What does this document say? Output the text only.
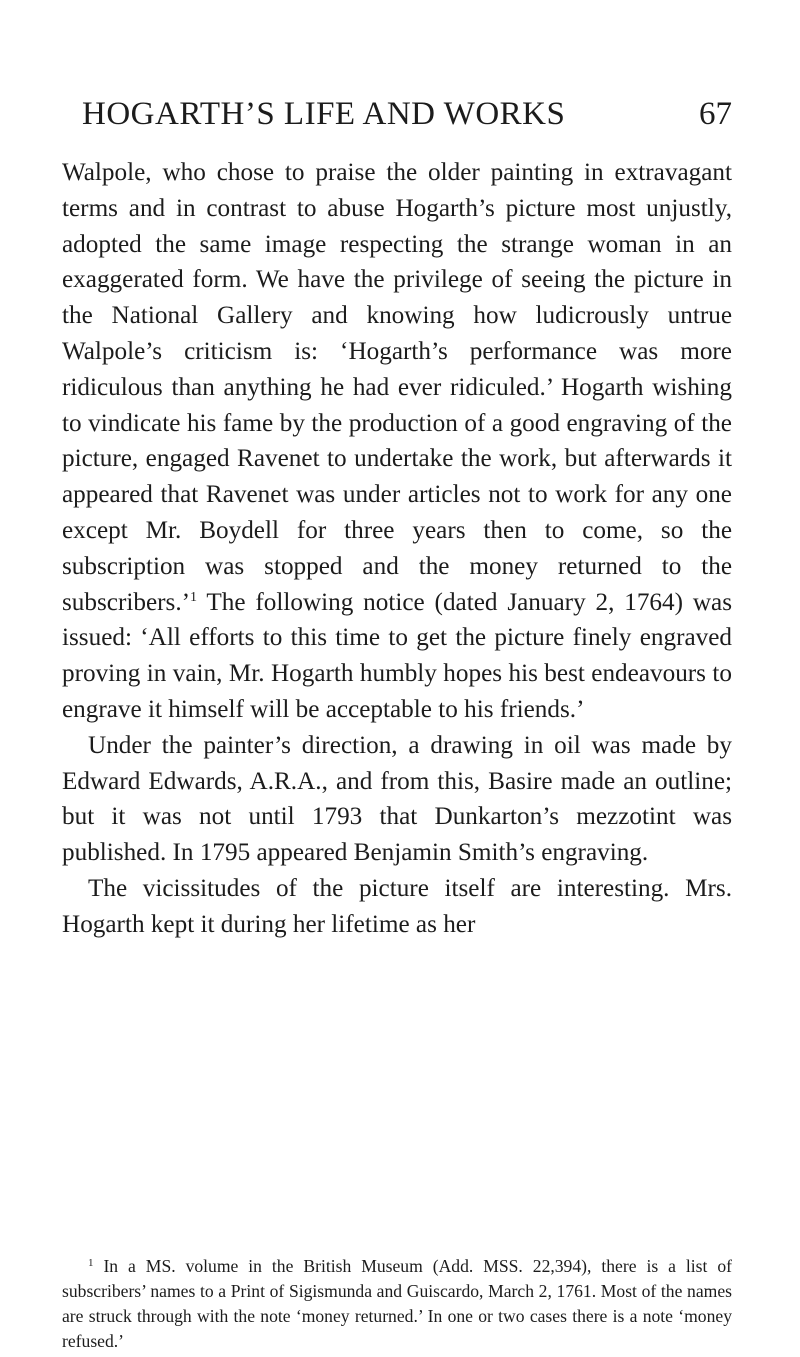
HOGARTH’S LIFE AND WORKS	67

Walpole, who chose to praise the older painting in extravagant terms and in contrast to abuse Hogarth’s picture most unjustly, adopted the same image respecting the strange woman in an exaggerated form. We have the privilege of seeing the picture in the National Gallery and knowing how ludicrously untrue Walpole’s criticism is: ‘Hogarth’s performance was more ridiculous than anything he had ever ridiculed.’ Hogarth wishing to vindicate his fame by the production of a good engraving of the picture, engaged Ravenet to undertake the work, but afterwards it appeared that Ravenet was under articles not to work for any one except Mr. Boydell for three years then to come, so the subscription was stopped and the money returned to the subscribers.’$^1$ The following notice (dated January 2, 1764) was issued: ‘All efforts to this time to get the picture finely engraved proving in vain, Mr. Hogarth humbly hopes his best endeavours to engrave it himself will be acceptable to his friends.’

Under the painter’s direction, a drawing in oil was made by Edward Edwards, A.R.A., and from this, Basire made an outline; but it was not until 1793 that Dunkarton’s mezzotint was published. In 1795 appeared Benjamin Smith’s engraving.

The vicissitudes of the picture itself are interesting. Mrs. Hogarth kept it during her lifetime as her

$^1$ In a MS. volume in the British Museum (Add. MSS. 22,394), there is a list of subscribers’ names to a Print of Sigismunda and Guiscardo, March 2, 1761. Most of the names are struck through with the note ‘money returned.’ In one or two cases there is a note ‘money refused.’
